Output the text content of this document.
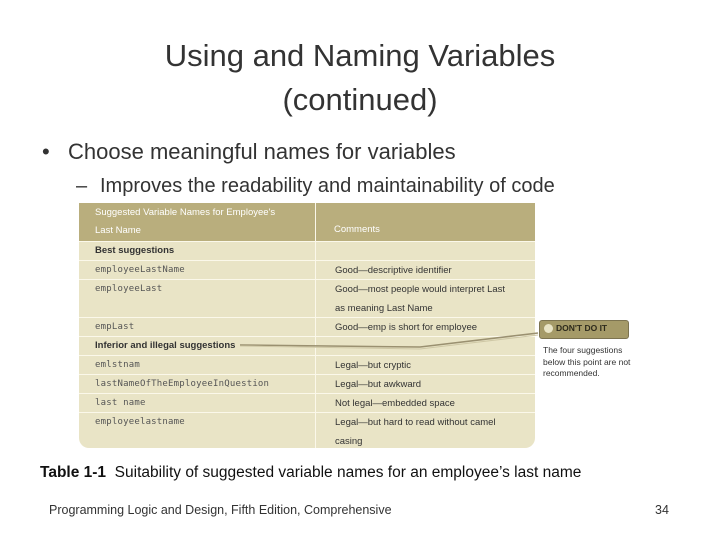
Using and Naming Variables
(continued)
• Choose meaningful names for variables
– Improves the readability and maintainability of code
Suggested Variable Names for Employee's
Last Name	Comments
Best suggestions
employeeLastName	Good—descriptive identifier
employeeLast	Good—most people would interpret Last
as meaning Last Name
empLast	Good—emp is short for employee
Inferior and illegal suggestions
emlstnam	Legal—but cryptic
lastNameOfTheEmployeeInQuestion	Legal—but awkward
last name	Not legal—embedded space
employeelastname	Legal—but hard to read without camel
casing
DON'T DO IT
The four suggestions below this point are not recommended.
Table 1-1 Suitability of suggested variable names for an employee’s last name
Programming Logic and Design, Fifth Edition, Comprehensive	34
